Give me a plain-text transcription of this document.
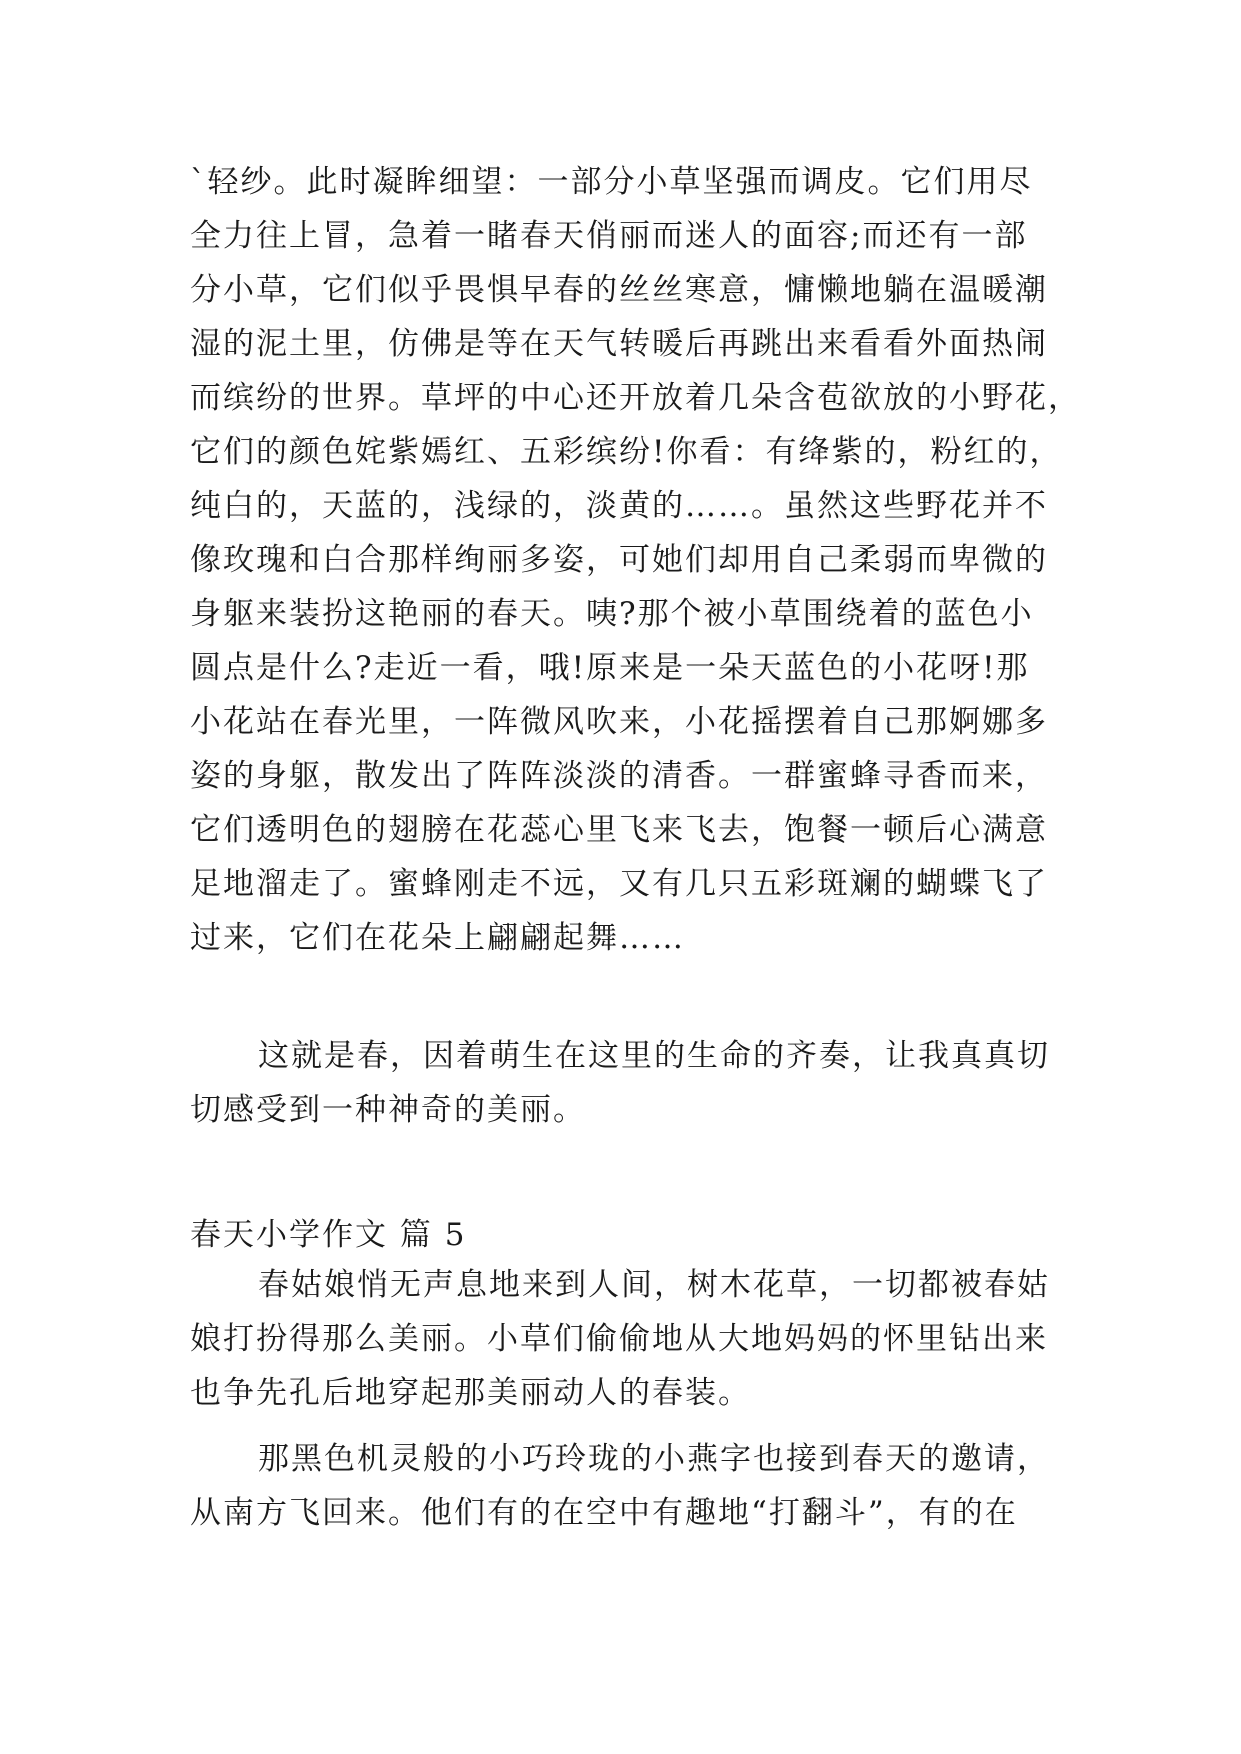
`轻纱。此时凝眸细望：一部分小草坚强而调皮。它们用尽
全力往上冒，急着一睹春天俏丽而迷人的面容;而还有一部
分小草，它们似乎畏惧早春的丝丝寒意，慵懒地躺在温暖潮
湿的泥土里，仿佛是等在天气转暖后再跳出来看看外面热闹
而缤纷的世界。草坪的中心还开放着几朵含苞欲放的小野花，
它们的颜色姹紫嫣红、五彩缤纷!你看：有绛紫的，粉红的，
纯白的，天蓝的，浅绿的，淡黄的……。虽然这些野花并不
像玫瑰和白合那样绚丽多姿，可她们却用自己柔弱而卑微的
身躯来装扮这艳丽的春天。咦?那个被小草围绕着的蓝色小
圆点是什么?走近一看，哦!原来是一朵天蓝色的小花呀!那
小花站在春光里，一阵微风吹来，小花摇摆着自己那婀娜多
姿的身躯，散发出了阵阵淡淡的清香。一群蜜蜂寻香而来，
它们透明色的翅膀在花蕊心里飞来飞去，饱餐一顿后心满意
足地溜走了。蜜蜂刚走不远，又有几只五彩斑斓的蝴蝶飞了
过来，它们在花朵上翩翩起舞……
这就是春，因着萌生在这里的生命的齐奏，让我真真切
切感受到一种神奇的美丽。
春天小学作文 篇 5
春姑娘悄无声息地来到人间，树木花草，一切都被春姑
娘打扮得那么美丽。小草们偷偷地从大地妈妈的怀里钻出来
也争先孔后地穿起那美丽动人的春装。
那黑色机灵般的小巧玲珑的小燕字也接到春天的邀请，
从南方飞回来。他们有的在空中有趣地“打翻斗”，有的在
